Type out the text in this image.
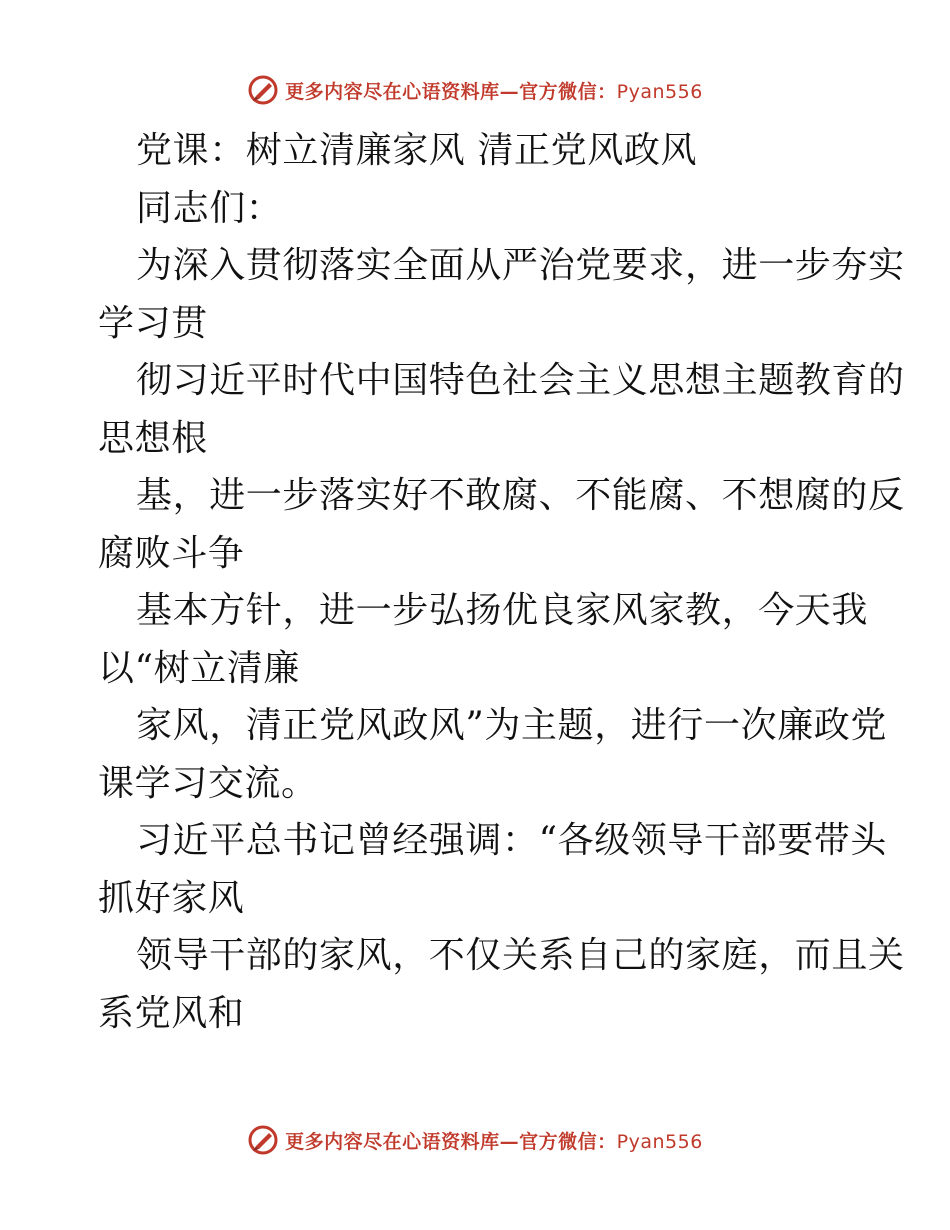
更多内容尽在心语资料库—官方微信：Pyan556
党课：树立清廉家风 清正党风政风
同志们：
为深入贯彻落实全面从严治党要求，进一步夯实
学习贯
彻习近平时代中国特色社会主义思想主题教育的
思想根
基，进一步落实好不敢腐、不能腐、不想腐的反
腐败斗争
基本方针，进一步弘扬优良家风家教，今天我
以“树立清廉
家风，清正党风政风”为主题，进行一次廉政党
课学习交流。
习近平总书记曾经强调：“各级领导干部要带头
抓好家风
领导干部的家风，不仅关系自己的家庭，而且关
系党风和
更多内容尽在心语资料库—官方微信：Pyan556
